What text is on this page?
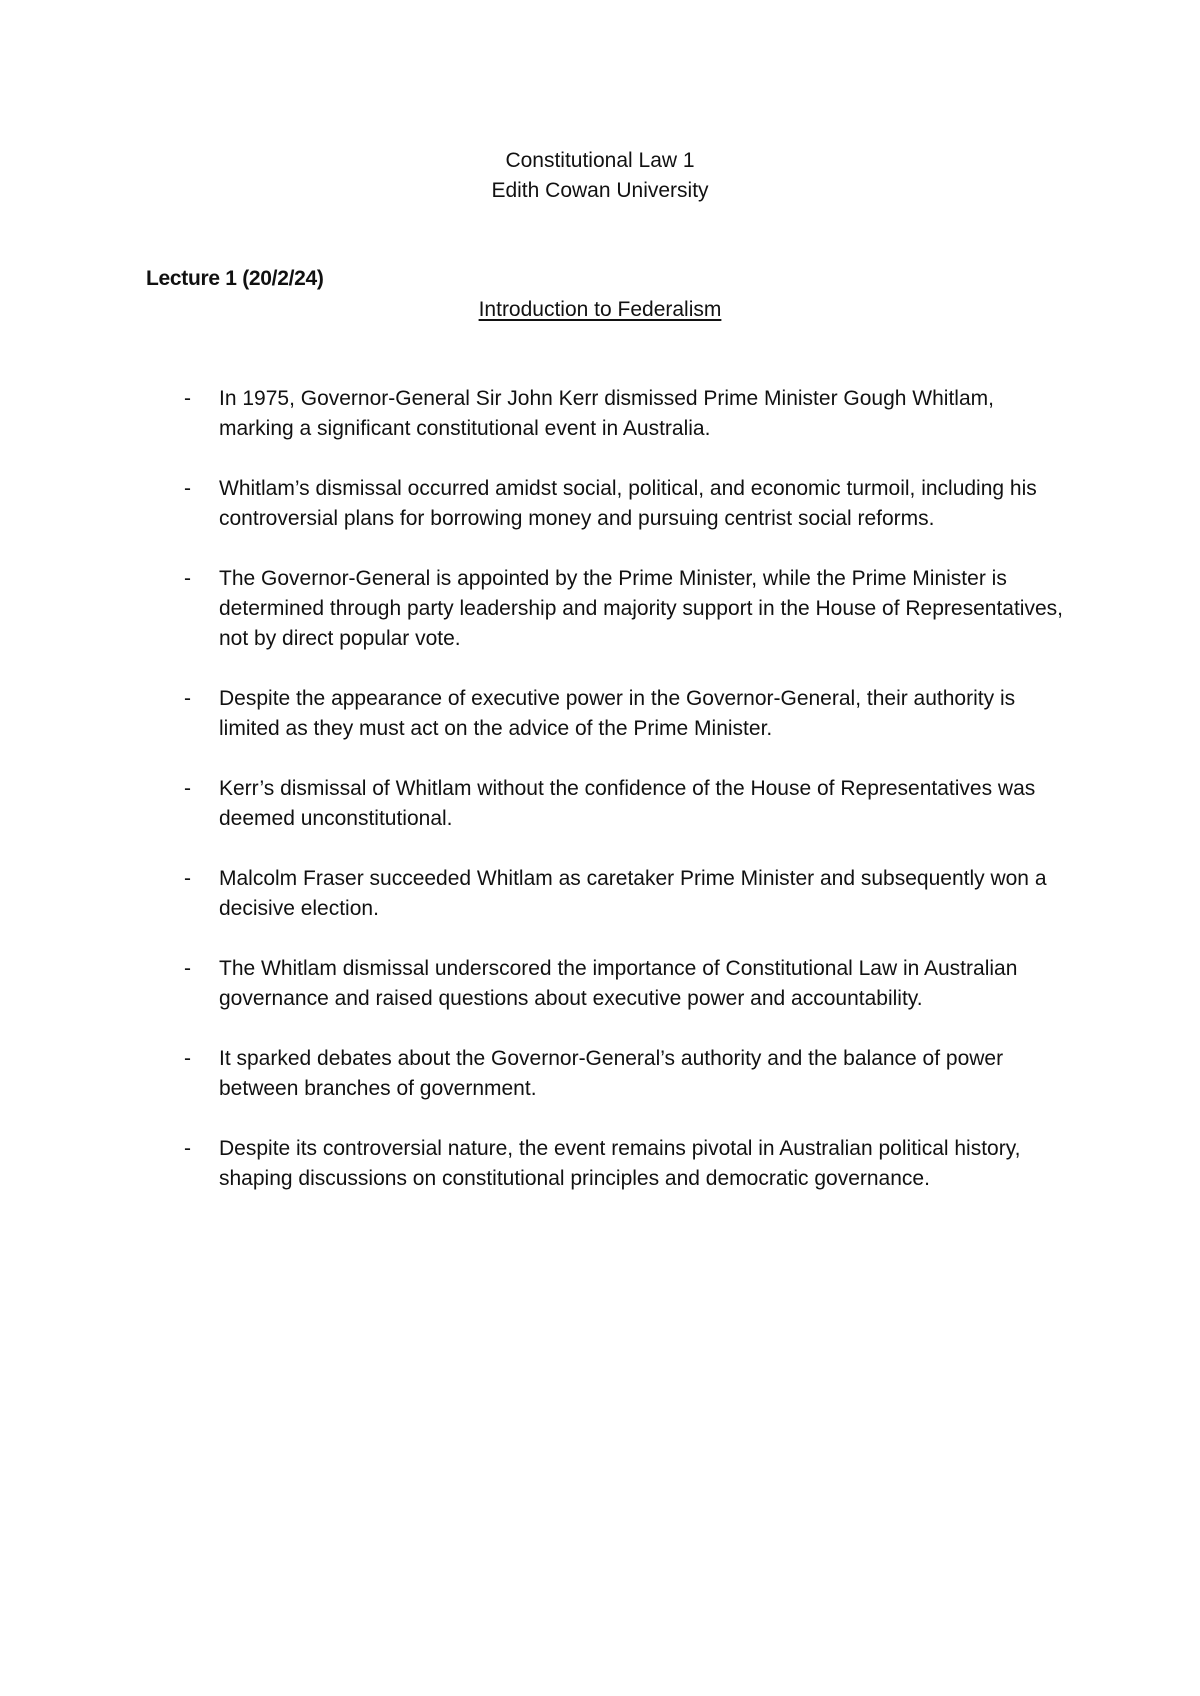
Constitutional Law 1
Edith Cowan University
Lecture 1 (20/2/24)
Introduction to Federalism
- In 1975, Governor-General Sir John Kerr dismissed Prime Minister Gough Whitlam, marking a significant constitutional event in Australia.
- Whitlam’s dismissal occurred amidst social, political, and economic turmoil, including his controversial plans for borrowing money and pursuing centrist social reforms.
- The Governor-General is appointed by the Prime Minister, while the Prime Minister is determined through party leadership and majority support in the House of Representatives, not by direct popular vote.
- Despite the appearance of executive power in the Governor-General, their authority is limited as they must act on the advice of the Prime Minister.
- Kerr’s dismissal of Whitlam without the confidence of the House of Representatives was deemed unconstitutional.
- Malcolm Fraser succeeded Whitlam as caretaker Prime Minister and subsequently won a decisive election.
- The Whitlam dismissal underscored the importance of Constitutional Law in Australian governance and raised questions about executive power and accountability.
- It sparked debates about the Governor-General’s authority and the balance of power between branches of government.
- Despite its controversial nature, the event remains pivotal in Australian political history, shaping discussions on constitutional principles and democratic governance.
